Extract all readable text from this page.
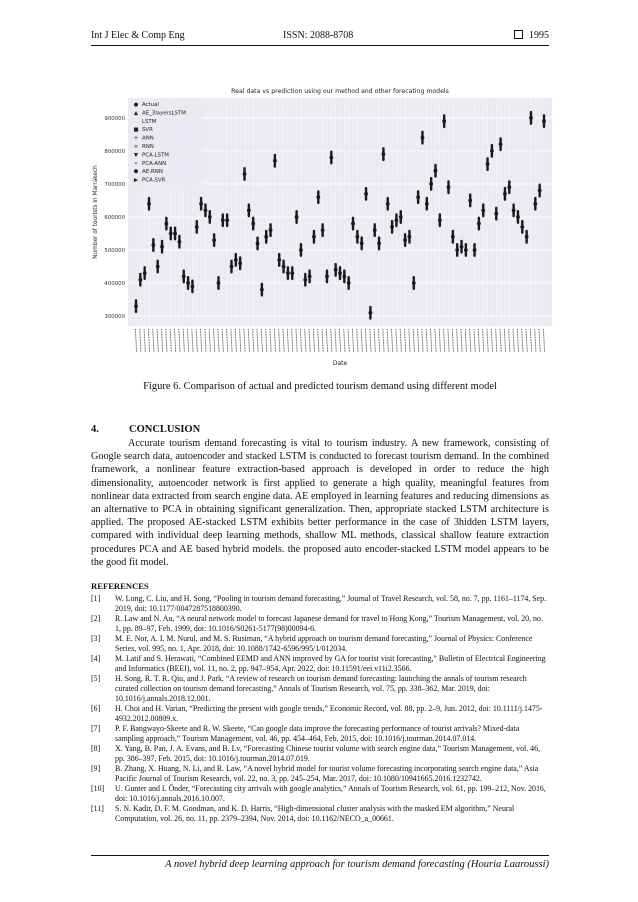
Int J Elec & Comp Eng	ISSN: 2088-8708	1995
300000
400000
500000
600000
700000
800000
900000
Real data vs prediction using our method and other forecating models
Number of tourists in Marrakech
Date
● Actual
▲ AE_3layersLSTM
LSTM
■ SVR
+ ANN
× RNN
▼ PCA-LSTM
• PCA-ANN
⬟ AE-RNN
▶ PCA-SVR
Figure 6. Comparison of actual and predicted tourism demand using different model
4.	CONCLUSION

Accurate tourism demand forecasting is vital to tourism industry. A new framework, consisting of Google search data, autoencoder and stacked LSTM is conducted to forecast tourism demand. In the combined framework, a nonlinear feature extraction-based approach is developed in order to reduce the high dimensionality, autoencoder network is first applied to generate a high quality, meaningful features from nonlinear data extracted from search engine data. AE employed in learning features and reducing dimensions as an alternative to PCA in obtaining significant generalization. Then, appropriate stacked LSTM architecture is applied. The proposed AE-stacked LSTM exhibits better performance in the case of 3hidden LSTM layers, compared with individual deep learning methods, shallow ML methods, classical shallow feature extraction procedures PCA and AE based hybrid models. the proposed auto encoder-stacked LSTM model appears to be the good fit model.

REFERENCES
[1]	W. Long, C. Liu, and H. Song, “Pooling in tourism demand forecasting,” Journal of Travel Research, vol. 58, no. 7, pp. 1161–1174, Sep. 2019, doi: 10.1177/0047287518800390.
[2]	R. Law and N. Au, “A neural network model to forecast Japanese demand for travel to Hong Kong,” Tourism Management, vol. 20, no. 1, pp. 89–97, Feb. 1999, doi: 10.1016/S0261-5177(98)00094-6.
[3]	M. E. Nor, A. I. M. Nurul, and M. S. Rusiman, “A hybrid approach on tourism demand forecasting,” Journal of Physics: Conference Series, vol. 995, no. 1, Apr. 2018, doi: 10.1088/1742-6596/995/1/012034.
[4]	M. Latif and S. Herawati, “Combined EEMD and ANN improved by GA for tourist visit forecasting,” Bulletin of Electrical Engineering and Informatics (BEEI), vol. 11, no. 2, pp. 947–954, Apr. 2022, doi: 10.11591/eei.v11i2.3566.
[5]	H. Song, R. T. R. Qiu, and J. Park, “A review of research on tourism demand forecasting: launching the annals of tourism research curated collection on tourism demand forecasting,” Annals of Tourism Research, vol. 75, pp. 338–362, Mar. 2019, doi: 10.1016/j.annals.2018.12.001.
[6]	H. Choi and H. Varian, “Predicting the present with google trends,” Economic Record, vol. 88, pp. 2–9, Jun. 2012, doi: 10.1111/j.1475-4932.2012.00809.x.
[7]	P. F. Bangwayo-Skeete and R. W. Skeete, “Can google data improve the forecasting performance of tourist arrivals? Mixed-data sampling approach,” Tourism Management, vol. 46, pp. 454–464, Feb. 2015, doi: 10.1016/j.tourman.2014.07.014.
[8]	X. Yang, B. Pan, J. A. Evans, and B. Lv, “Forecasting Chinese tourist volume with search engine data,” Tourism Management, vol. 46, pp. 386–397, Feb. 2015, doi: 10.1016/j.tourman.2014.07.019.
[9]	B. Zhang, X. Huang, N. Li, and R. Law, “A novel hybrid model for tourist volume forecasting incorporating search engine data,” Asia Pacific Journal of Tourism Research, vol. 22, no. 3, pp. 245–254, Mar. 2017, doi: 10.1080/10941665.2016.1232742.
[10]	U. Gunter and I. Önder, “Forecasting city arrivals with google analytics,” Annals of Tourism Research, vol. 61, pp. 199–212, Nov. 2016, doi: 10.1016/j.annals.2016.10.007.
[11]	S. N. Kadir, D. F. M. Goodman, and K. D. Harris, “High-dimensional cluster analysis with the masked EM algorithm,” Neural Computation, vol. 26, no. 11, pp. 2379–2394, Nov. 2014, doi: 10.1162/NECO_a_00661.
A novel hybrid deep learning approach for tourism demand forecasting (Houria Laaroussi)
